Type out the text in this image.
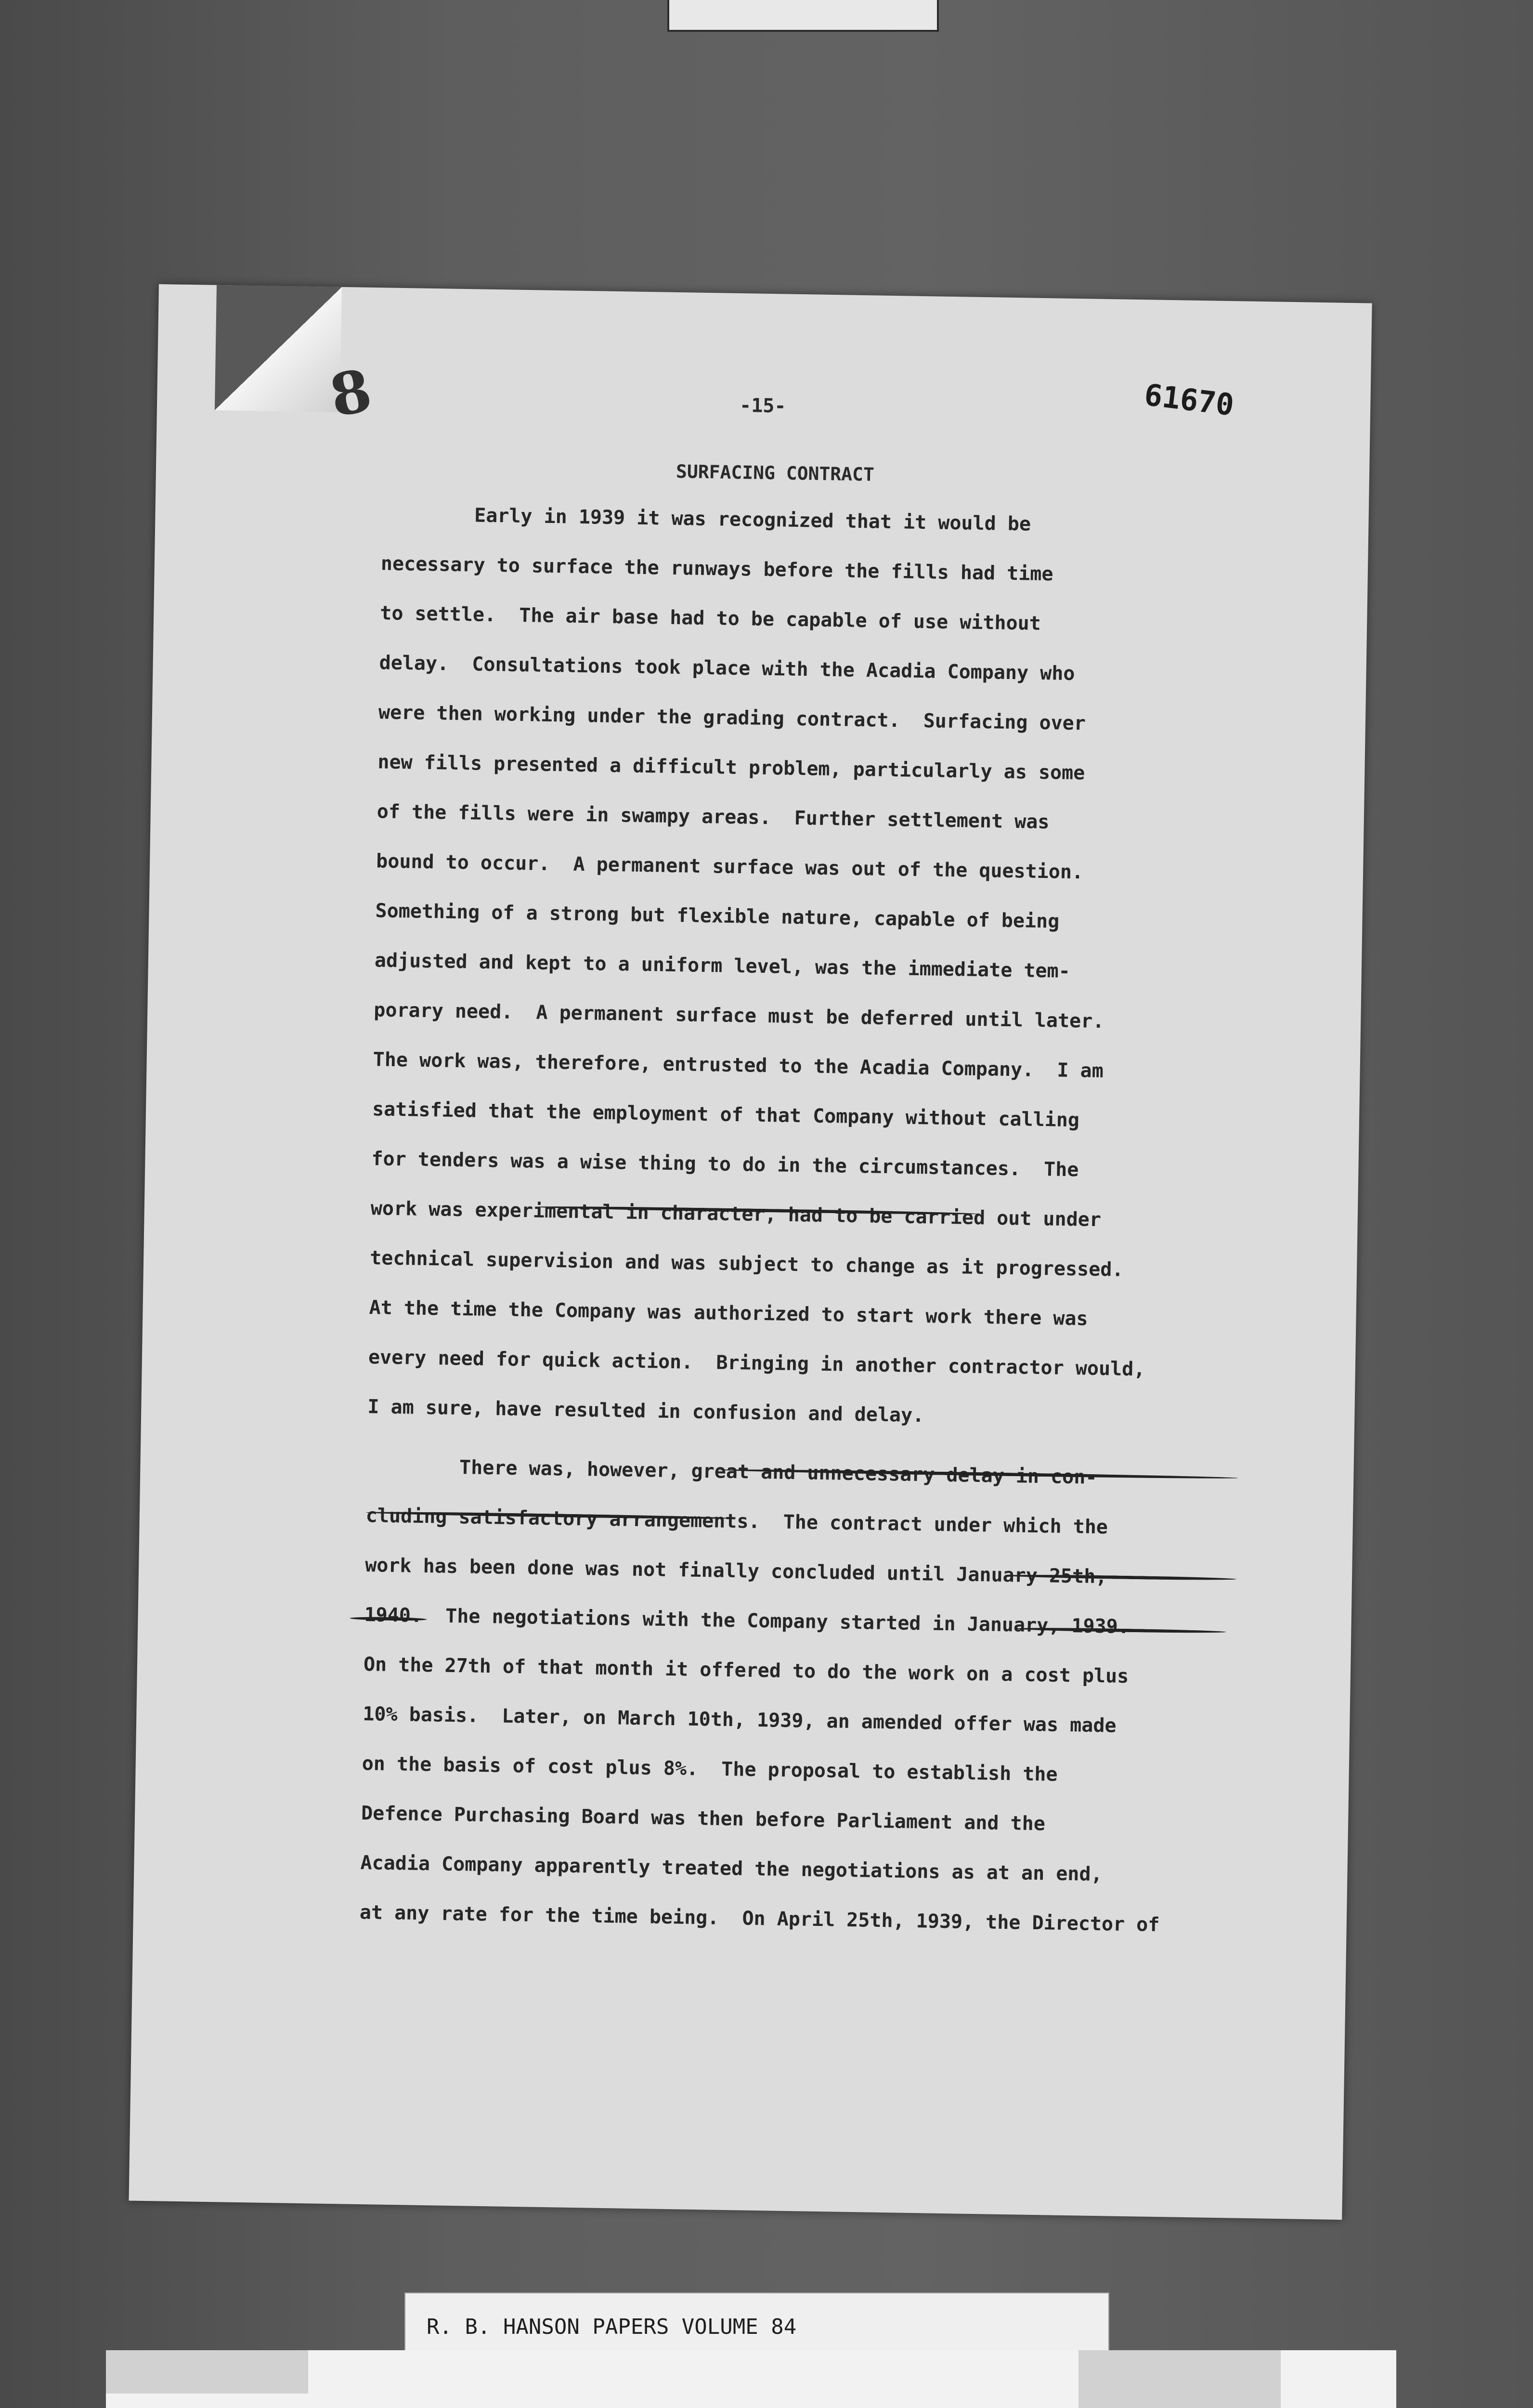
8	-15-	61670
SURFACING CONTRACT
Early in 1939 it was recognized that it would be
necessary to surface the runways before the fills had time
to settle.  The air base had to be capable of use without
delay.  Consultations took place with the Acadia Company who
were then working under the grading contract.  Surfacing over
new fills presented a difficult problem, particularly as some
of the fills were in swampy areas.  Further settlement was
bound to occur.  A permanent surface was out of the question.
Something of a strong but flexible nature, capable of being
adjusted and kept to a uniform level, was the immediate tem-
porary need.  A permanent surface must be deferred until later.
The work was, therefore, entrusted to the Acadia Company.  I am
satisfied that the employment of that Company without calling
for tenders was a wise thing to do in the circumstances.  The
work was experimental in character, had to be carried out under
technical supervision and was subject to change as it progressed.
At the time the Company was authorized to start work there was
every need for quick action.  Bringing in another contractor would,
I am sure, have resulted in confusion and delay.
There was, however, great and unnecessary delay in con-
cluding satisfactory arrangements.  The contract under which the
work has been done was not finally concluded until January 25th,
1940.  The negotiations with the Company started in January, 1939.
On the 27th of that month it offered to do the work on a cost plus
10% basis.  Later, on March 10th, 1939, an amended offer was made
on the basis of cost plus 8%.  The proposal to establish the
Defence Purchasing Board was then before Parliament and the
Acadia Company apparently treated the negotiations as at an end,
at any rate for the time being.  On April 25th, 1939, the Director of
R. B. HANSON PAPERS VOLUME 84
